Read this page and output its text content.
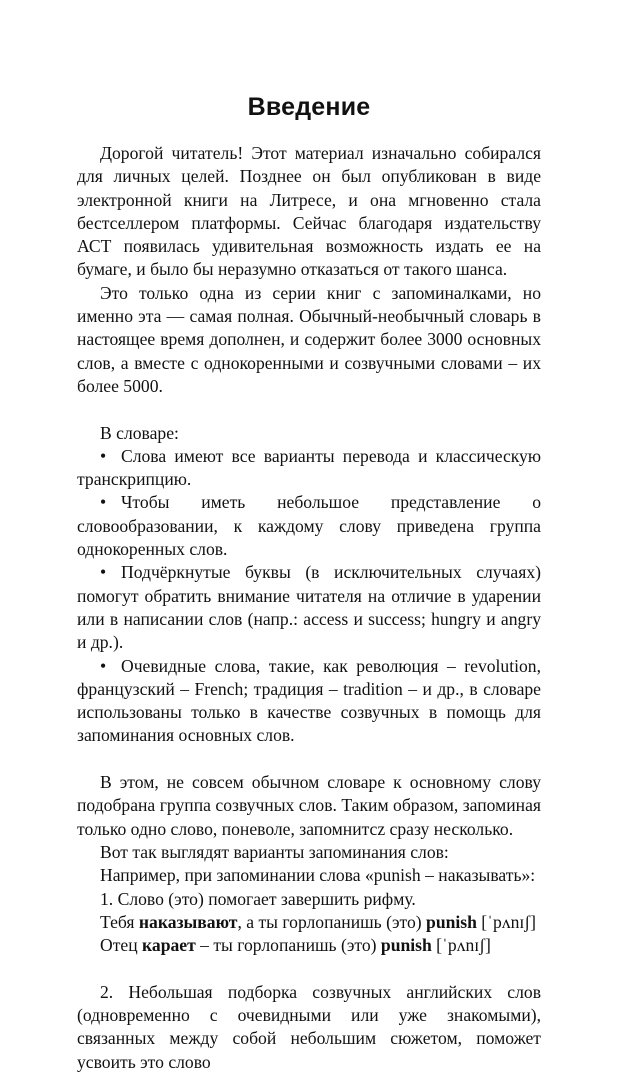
Введение

Дорогой читатель! Этот материал изначально собирался для личных целей. Позднее он был опубликован в виде электронной книги на Литресе, и она мгновенно стала бестселлером платформы. Сейчас благодаря издательству АСТ появилась удивительная возможность издать ее на бумаге, и было бы неразумно отказаться от такого шанса.

Это только одна из серии книг с запоминалками, но именно эта — самая полная. Обычный-необычный словарь в настоящее время дополнен, и содержит более 3000 основных слов, а вместе с однокоренными и созвучными словами – их более 5000.

В словаре:

• Слова имеют все варианты перевода и классическую транскрипцию.
• Чтобы иметь небольшое представление о словообразовании, к каждому слову приведена группа однокоренных слов.
• Подчёркнутые буквы (в исключительных случаях) помогут обратить внимание читателя на отличие в ударении или в написании слов (напр.: access и success; hungry и angry и др.).
• Очевидные слова, такие, как революция – revolution, французский – French; традиция – tradition – и др., в словаре использованы только в качестве созвучных в помощь для запоминания основных слов.

В этом, не совсем обычном словаре к основному слову подобрана группа созвучных слов. Таким образом, запоминая только одно слово, поневоле, запомнитсz сразу несколько.

Вот так выглядят варианты запоминания слов:

Например, при запоминании слова «punish – наказывать»:

1. Слово (это) помогает завершить рифму.

Тебя наказывают, а ты горлопанишь (это) punish [ˈpʌnɪʃ]

Отец карает – ты горлопанишь (это) punish [ˈpʌnɪʃ]

2. Небольшая подборка созвучных английских слов (одновременно с очевидными или уже знакомыми), связанных между собой небольшим сюжетом, поможет усвоить это слово
